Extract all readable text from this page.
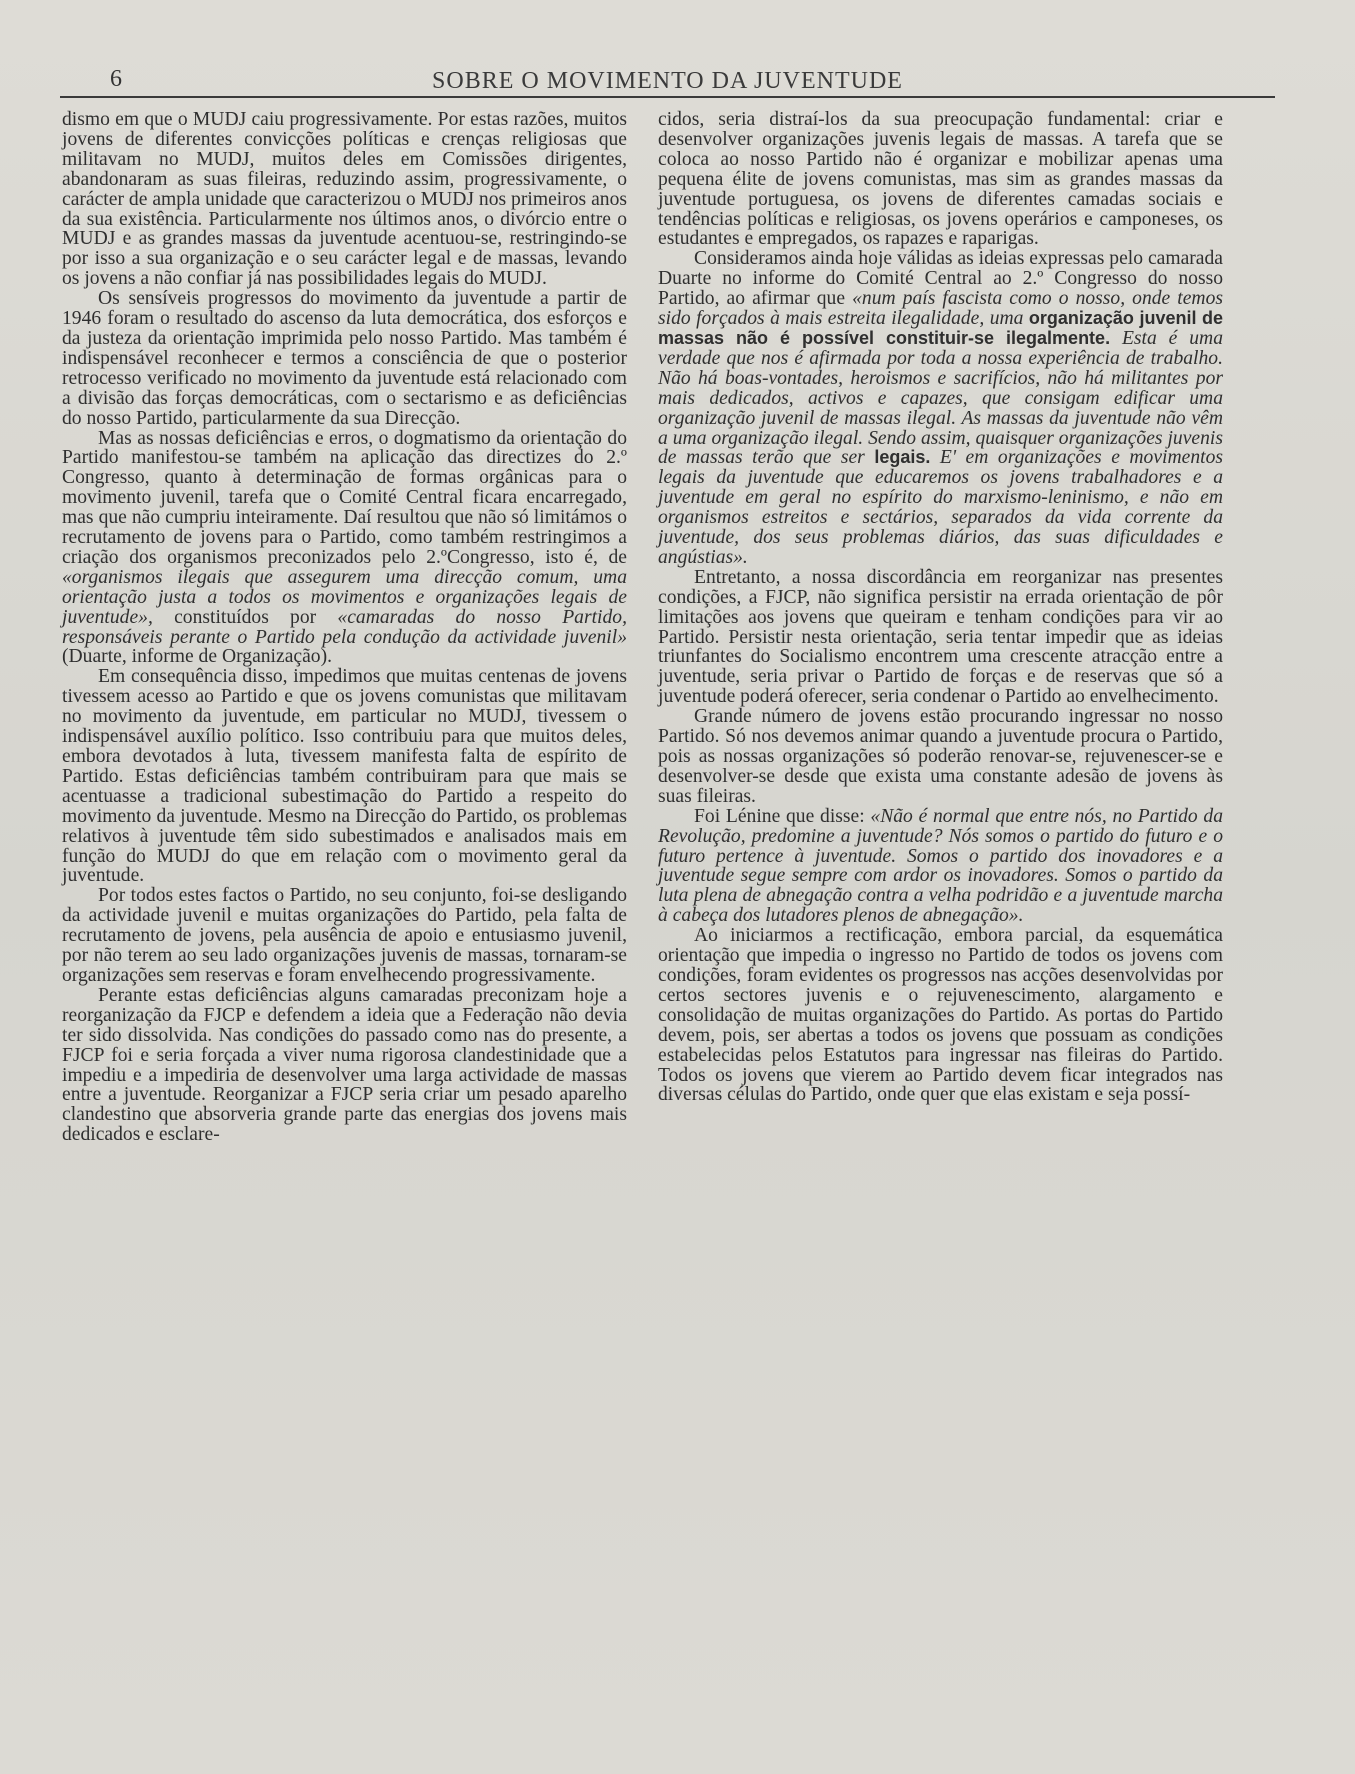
6	SOBRE O MOVIMENTO DA JUVENTUDE

dismo em que o MUDJ caiu progressivamente. Por estas razões, muitos jovens de diferentes convicções políticas e crenças religiosas que militavam no MUDJ, muitos deles em Comissões dirigentes, abandonaram as suas fileiras, reduzindo assim, progressivamente, o carácter de ampla unidade que caracterizou o MUDJ nos primeiros anos da sua existência. Particularmente nos últimos anos, o divórcio entre o MUDJ e as grandes massas da juventude acentuou-se, restringindo-se por isso a sua organização e o seu carácter legal e de massas, levando os jovens a não confiar já nas possibilidades legais do MUDJ.

Os sensíveis progressos do movimento da juventude a partir de 1946 foram o resultado do ascenso da luta democrática, dos esforços e da justeza da orientação imprimida pelo nosso Partido. Mas também é indispensável reconhecer e termos a consciência de que o posterior retrocesso verificado no movimento da juventude está relacionado com a divisão das forças democráticas, com o sectarismo e as deficiências do nosso Partido, particularmente da sua Direcção.

Mas as nossas deficiências e erros, o dogmatismo da orientação do Partido manifestou-se também na aplicação das directizes do 2.º Congresso, quanto à determinação de formas orgânicas para o movimento juvenil, tarefa que o Comité Central ficara encarregado, mas que não cumpriu inteiramente. Daí resultou que não só limitámos o recrutamento de jovens para o Partido, como também restringimos a criação dos organismos preconizados pelo 2.ºCongresso, isto é, de «organismos ilegais que assegurem uma direcção comum, uma orientação justa a todos os movimentos e organizações legais de juventude», constituídos por «camaradas do nosso Partido, responsáveis perante o Partido pela condução da actividade juvenil» (Duarte, informe de Organização).

Em consequência disso, impedimos que muitas centenas de jovens tivessem acesso ao Partido e que os jovens comunistas que militavam no movimento da juventude, em particular no MUDJ, tivessem o indispensável auxílio político. Isso contribuiu para que muitos deles, embora devotados à luta, tivessem manifesta falta de espírito de Partido. Estas deficiências também contribuiram para que mais se acentuasse a tradicional subestimação do Partido a respeito do movimento da juventude. Mesmo na Direcção do Partido, os problemas relativos à juventude têm sido subestimados e analisados mais em função do MUDJ do que em relação com o movimento geral da juventude.

Por todos estes factos o Partido, no seu conjunto, foi-se desligando da actividade juvenil e muitas organizações do Partido, pela falta de recrutamento de jovens, pela ausência de apoio e entusiasmo juvenil, por não terem ao seu lado organizações juvenis de massas, tornaram-se organizações sem reservas e foram envelhecendo progressivamente.

Perante estas deficiências alguns camaradas preconizam hoje a reorganização da FJCP e defendem a ideia que a Federação não devia ter sido dissolvida. Nas condições do passado como nas do presente, a FJCP foi e seria forçada a viver numa rigorosa clandestinidade que a impediu e a impediria de desenvolver uma larga actividade de massas entre a juventude. Reorganizar a FJCP seria criar um pesado aparelho clandestino que absorveria grande parte das energias dos jovens mais dedicados e esclare-

cidos, seria distraí-los da sua preocupação fundamental: criar e desenvolver organizações juvenis legais de massas. A tarefa que se coloca ao nosso Partido não é organizar e mobilizar apenas uma pequena élite de jovens comunistas, mas sim as grandes massas da juventude portuguesa, os jovens de diferentes camadas sociais e tendências políticas e religiosas, os jovens operários e camponeses, os estudantes e empregados, os rapazes e raparigas.

Consideramos ainda hoje válidas as ideias expressas pelo camarada Duarte no informe do Comité Central ao 2.º Congresso do nosso Partido, ao afirmar que «num país fascista como o nosso, onde temos sido forçados à mais estreita ilegalidade, uma organização juvenil de massas não é possível constituir-se ilegalmente. Esta é uma verdade que nos é afirmada por toda a nossa experiência de trabalho. Não há boas-vontades, heroismos e sacrifícios, não há militantes por mais dedicados, activos e capazes, que consigam edificar uma organização juvenil de massas ilegal. As massas da juventude não vêm a uma organização ilegal. Sendo assim, quaisquer organizações juvenis de massas terão que ser legais. E' em organizações e movimentos legais da juventude que educaremos os jovens trabalhadores e a juventude em geral no espírito do marxismo-leninismo, e não em organismos estreitos e sectários, separados da vida corrente da juventude, dos seus problemas diários, das suas dificuldades e angústias».

Entretanto, a nossa discordância em reorganizar nas presentes condições, a FJCP, não significa persistir na errada orientação de pôr limitações aos jovens que queiram e tenham condições para vir ao Partido. Persistir nesta orientação, seria tentar impedir que as ideias triunfantes do Socialismo encontrem uma crescente atracção entre a juventude, seria privar o Partido de forças e de reservas que só a juventude poderá oferecer, seria condenar o Partido ao envelhecimento.

Grande número de jovens estão procurando ingressar no nosso Partido. Só nos devemos animar quando a juventude procura o Partido, pois as nossas organizações só poderão renovar-se, rejuvenescer-se e desenvolver-se desde que exista uma constante adesão de jovens às suas fileiras.

Foi Lénine que disse: «Não é normal que entre nós, no Partido da Revolução, predomine a juventude? Nós somos o partido do futuro e o futuro pertence à juventude. Somos o partido dos inovadores e a juventude segue sempre com ardor os inovadores. Somos o partido da luta plena de abnegação contra a velha podridão e a juventude marcha à cabeça dos lutadores plenos de abnegação».

Ao iniciarmos a rectificação, embora parcial, da esquemática orientação que impedia o ingresso no Partido de todos os jovens com condições, foram evidentes os progressos nas acções desenvolvidas por certos sectores juvenis e o rejuvenescimento, alargamento e consolidação de muitas organizações do Partido. As portas do Partido devem, pois, ser abertas a todos os jovens que possuam as condições estabelecidas pelos Estatutos para ingressar nas fileiras do Partido. Todos os jovens que vierem ao Partido devem ficar integrados nas diversas células do Partido, onde quer que elas existam e seja possí-
